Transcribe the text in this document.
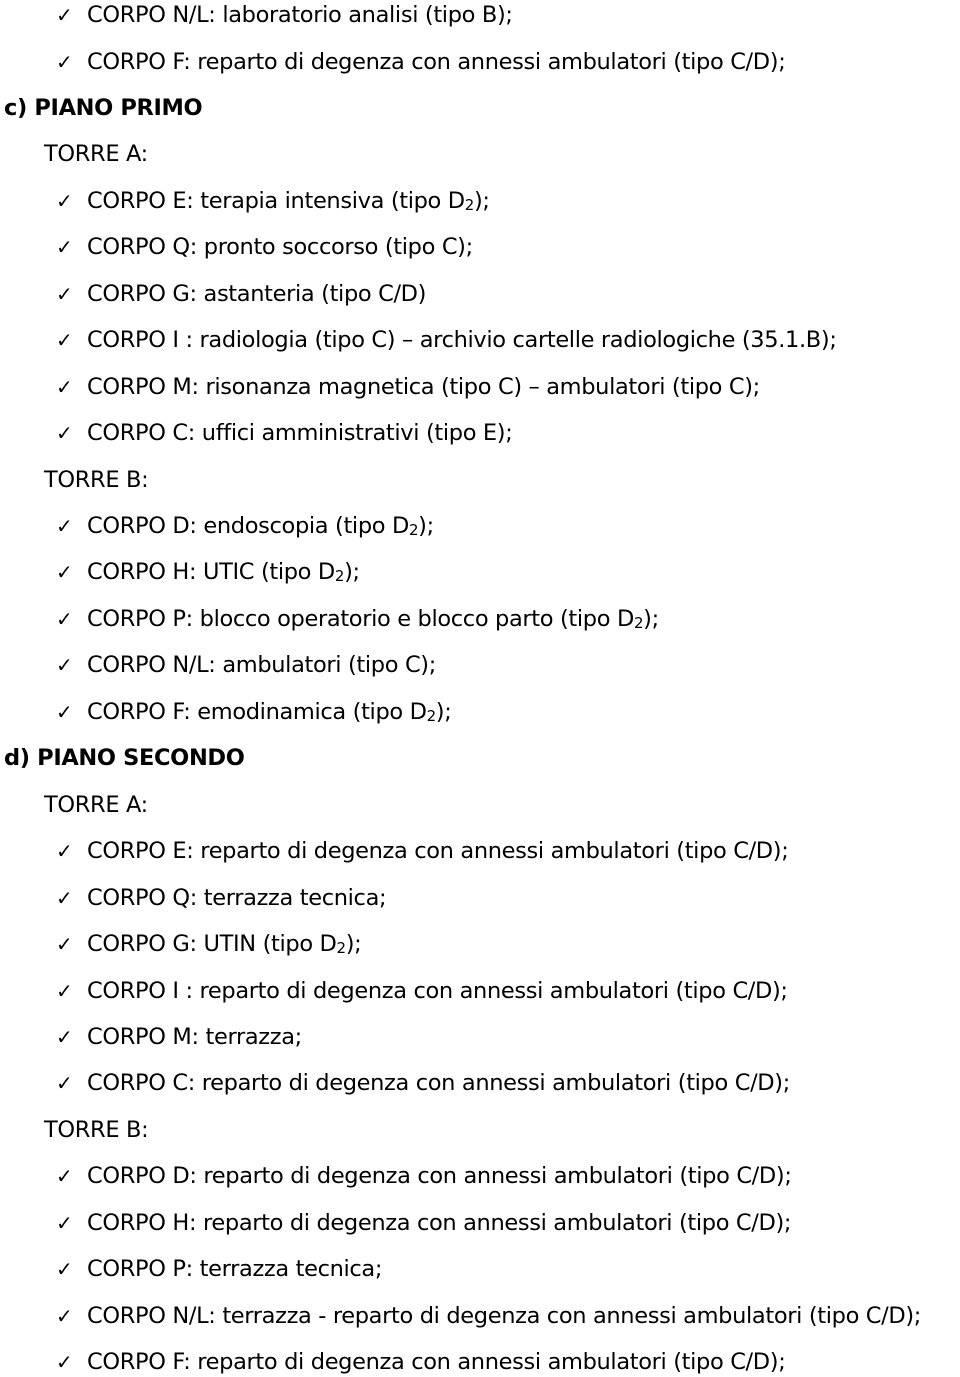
✓ CORPO N/L: laboratorio analisi (tipo B);
✓ CORPO F: reparto di degenza con annessi ambulatori (tipo C/D);
c) PIANO PRIMO
TORRE A:
✓ CORPO E: terapia intensiva (tipo $D_2$);
✓ CORPO Q: pronto soccorso (tipo C);
✓ CORPO G: astanteria (tipo C/D)
✓ CORPO I : radiologia (tipo C) – archivio cartelle radiologiche (35.1.B);
✓ CORPO M: risonanza magnetica (tipo C) – ambulatori (tipo C);
✓ CORPO C: uffici amministrativi (tipo E);
TORRE B:
✓ CORPO D: endoscopia (tipo $D_2$);
✓ CORPO H: UTIC (tipo $D_2$);
✓ CORPO P: blocco operatorio e blocco parto (tipo $D_2$);
✓ CORPO N/L: ambulatori (tipo C);
✓ CORPO F: emodinamica (tipo $D_2$);
d) PIANO SECONDO
TORRE A:
✓ CORPO E: reparto di degenza con annessi ambulatori (tipo C/D);
✓ CORPO Q: terrazza tecnica;
✓ CORPO G: UTIN (tipo $D_2$);
✓ CORPO I : reparto di degenza con annessi ambulatori (tipo C/D);
✓ CORPO M: terrazza;
✓ CORPO C: reparto di degenza con annessi ambulatori (tipo C/D);
TORRE B:
✓ CORPO D: reparto di degenza con annessi ambulatori (tipo C/D);
✓ CORPO H: reparto di degenza con annessi ambulatori (tipo C/D);
✓ CORPO P: terrazza tecnica;
✓ CORPO N/L: terrazza - reparto di degenza con annessi ambulatori (tipo C/D);
✓ CORPO F: reparto di degenza con annessi ambulatori (tipo C/D);
